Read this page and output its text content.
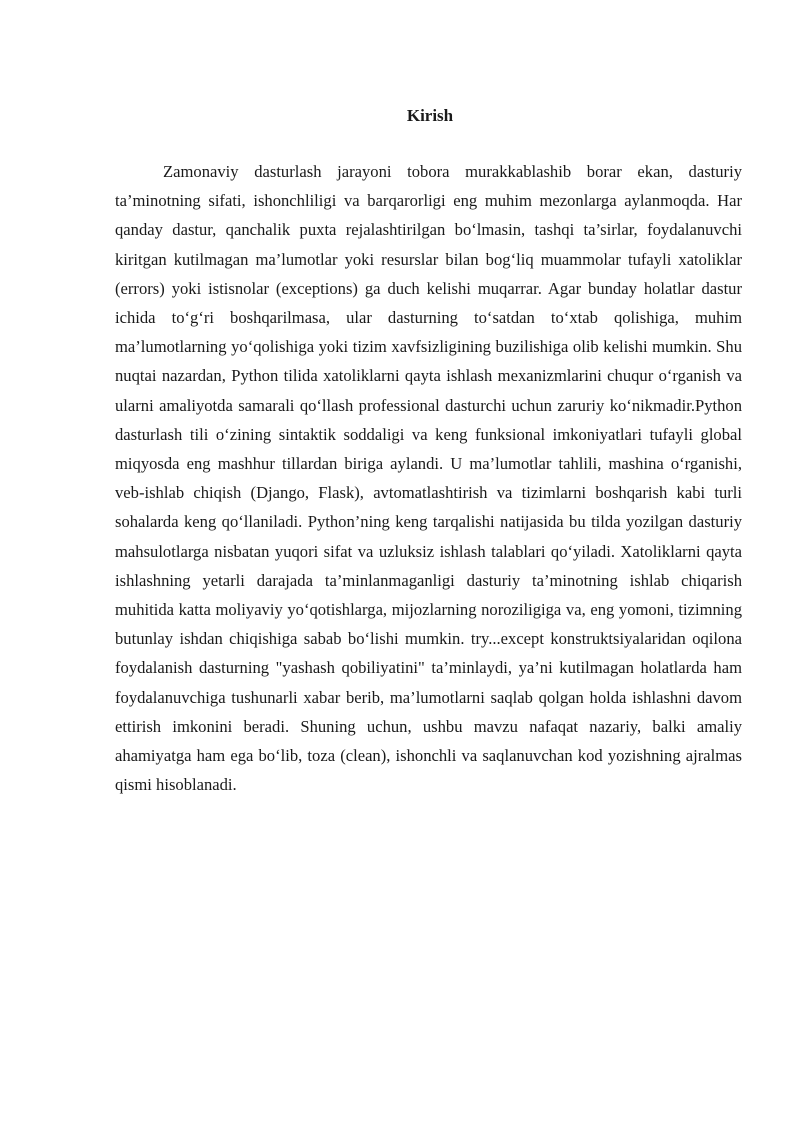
Kirish

Zamonaviy dasturlash jarayoni tobora murakkablashib borar ekan, dasturiy ta’minotning sifati, ishonchliligi va barqarorligi eng muhim mezonlarga aylanmoqda. Har qanday dastur, qanchalik puxta rejalashtirilgan bo‘lmasin, tashqi ta’sirlar, foydalanuvchi kiritgan kutilmagan ma’lumotlar yoki resurslar bilan bog‘liq muammolar tufayli xatoliklar (errors) yoki istisnolar (exceptions) ga duch kelishi muqarrar. Agar bunday holatlar dastur ichida to‘g‘ri boshqarilmasa, ular dasturning to‘satdan to‘xtab qolishiga, muhim ma’lumotlarning yo‘qolishiga yoki tizim xavfsizligining buzilishiga olib kelishi mumkin. Shu nuqtai nazardan, Python tilida xatoliklarni qayta ishlash mexanizmlarini chuqur o‘rganish va ularni amaliyotda samarali qo‘llash professional dasturchi uchun zaruriy ko‘nikmadir.Python dasturlash tili o‘zining sintaktik soddaligi va keng funksional imkoniyatlari tufayli global miqyosda eng mashhur tillardan biriga aylandi. U ma’lumotlar tahlili, mashina o‘rganishi, veb-ishlab chiqish (Django, Flask), avtomatlashtirish va tizimlarni boshqarish kabi turli sohalarda keng qo‘llaniladi. Python’ning keng tarqalishi natijasida bu tilda yozilgan dasturiy mahsulotlarga nisbatan yuqori sifat va uzluksiz ishlash talablari qo‘yiladi. Xatoliklarni qayta ishlashning yetarli darajada ta’minlanmaganligi dasturiy ta’minotning ishlab chiqarish muhitida katta moliyaviy yo‘qotishlarga, mijozlarning noroziligiga va, eng yomoni, tizimning butunlay ishdan chiqishiga sabab bo‘lishi mumkin. try...except konstruktsiyalaridan oqilona foydalanish dasturning "yashash qobiliyatini" ta’minlaydi, ya’ni kutilmagan holatlarda ham foydalanuvchiga tushunarli xabar berib, ma’lumotlarni saqlab qolgan holda ishlashni davom ettirish imkonini beradi. Shuning uchun, ushbu mavzu nafaqat nazariy, balki amaliy ahamiyatga ham ega bo‘lib, toza (clean), ishonchli va saqlanuvchan kod yozishning ajralmas qismi hisoblanadi.
